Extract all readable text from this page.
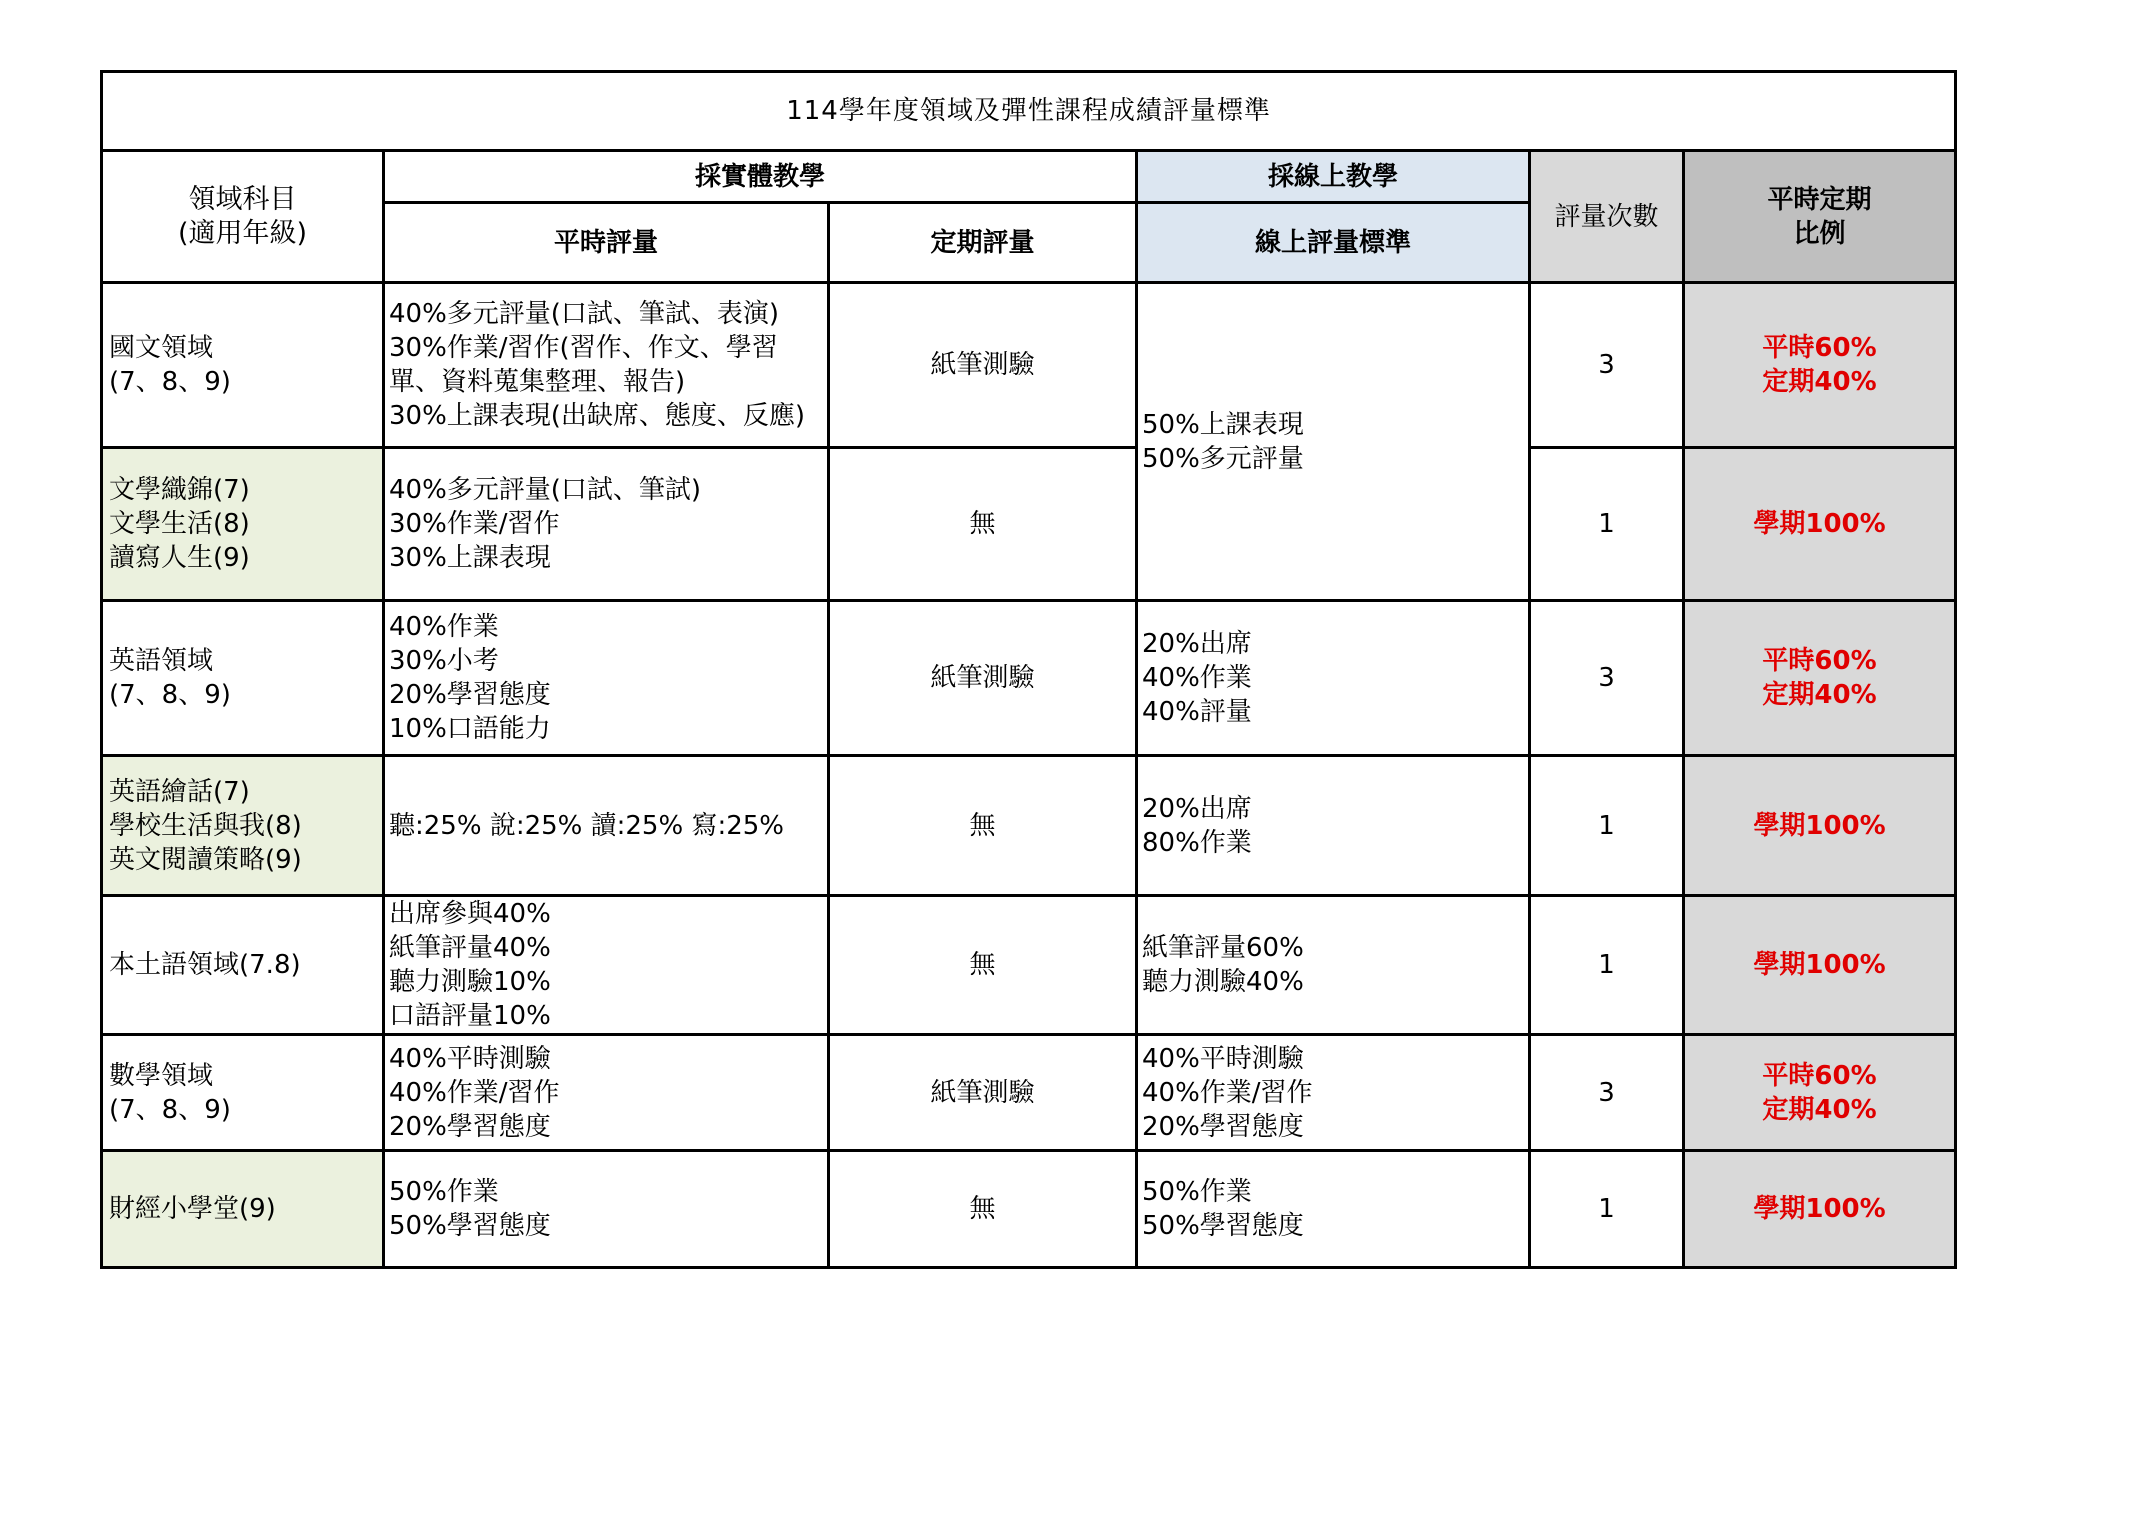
114學年度領域及彈性課程成績評量標準					

領域科目
(適用年級)	採實體教學		採線上教學	評量次數	平時定期
比例

	平時評量	定期評量	線上評量標準		

國文領域
(7、8、9)	40%多元評量(口試、筆試、表演)
30%作業/習作(習作、作文、學習單、資料蒐集整理、報告)
30%上課表現(出缺席、態度、反應)	紙筆測驗	50%上課表現
50%多元評量	3	平時60%
定期40%

文學織錦(7)
文學生活(8)
讀寫人生(9)	40%多元評量(口試、筆試)
30%作業/習作
30%上課表現	無		1	學期100%

英語領域
(7、8、9)	40%作業
30%小考
20%學習態度
10%口語能力	紙筆測驗	20%出席
40%作業
40%評量	3	平時60%
定期40%

英語繪話(7)
學校生活與我(8)
英文閱讀策略(9)	聽:25% 說:25% 讀:25% 寫:25%	無	20%出席
80%作業	1	學期100%

本土語領域(7.8)	出席參與40%
紙筆評量40%
聽力測驗10%
口語評量10%	無	紙筆評量60%
聽力測驗40%	1	學期100%

數學領域
(7、8、9)	40%平時測驗
40%作業/習作
20%學習態度	紙筆測驗	40%平時測驗
40%作業/習作
20%學習態度	3	平時60%
定期40%

財經小學堂(9)	50%作業
50%學習態度	無	50%作業
50%學習態度	1	學期100%
